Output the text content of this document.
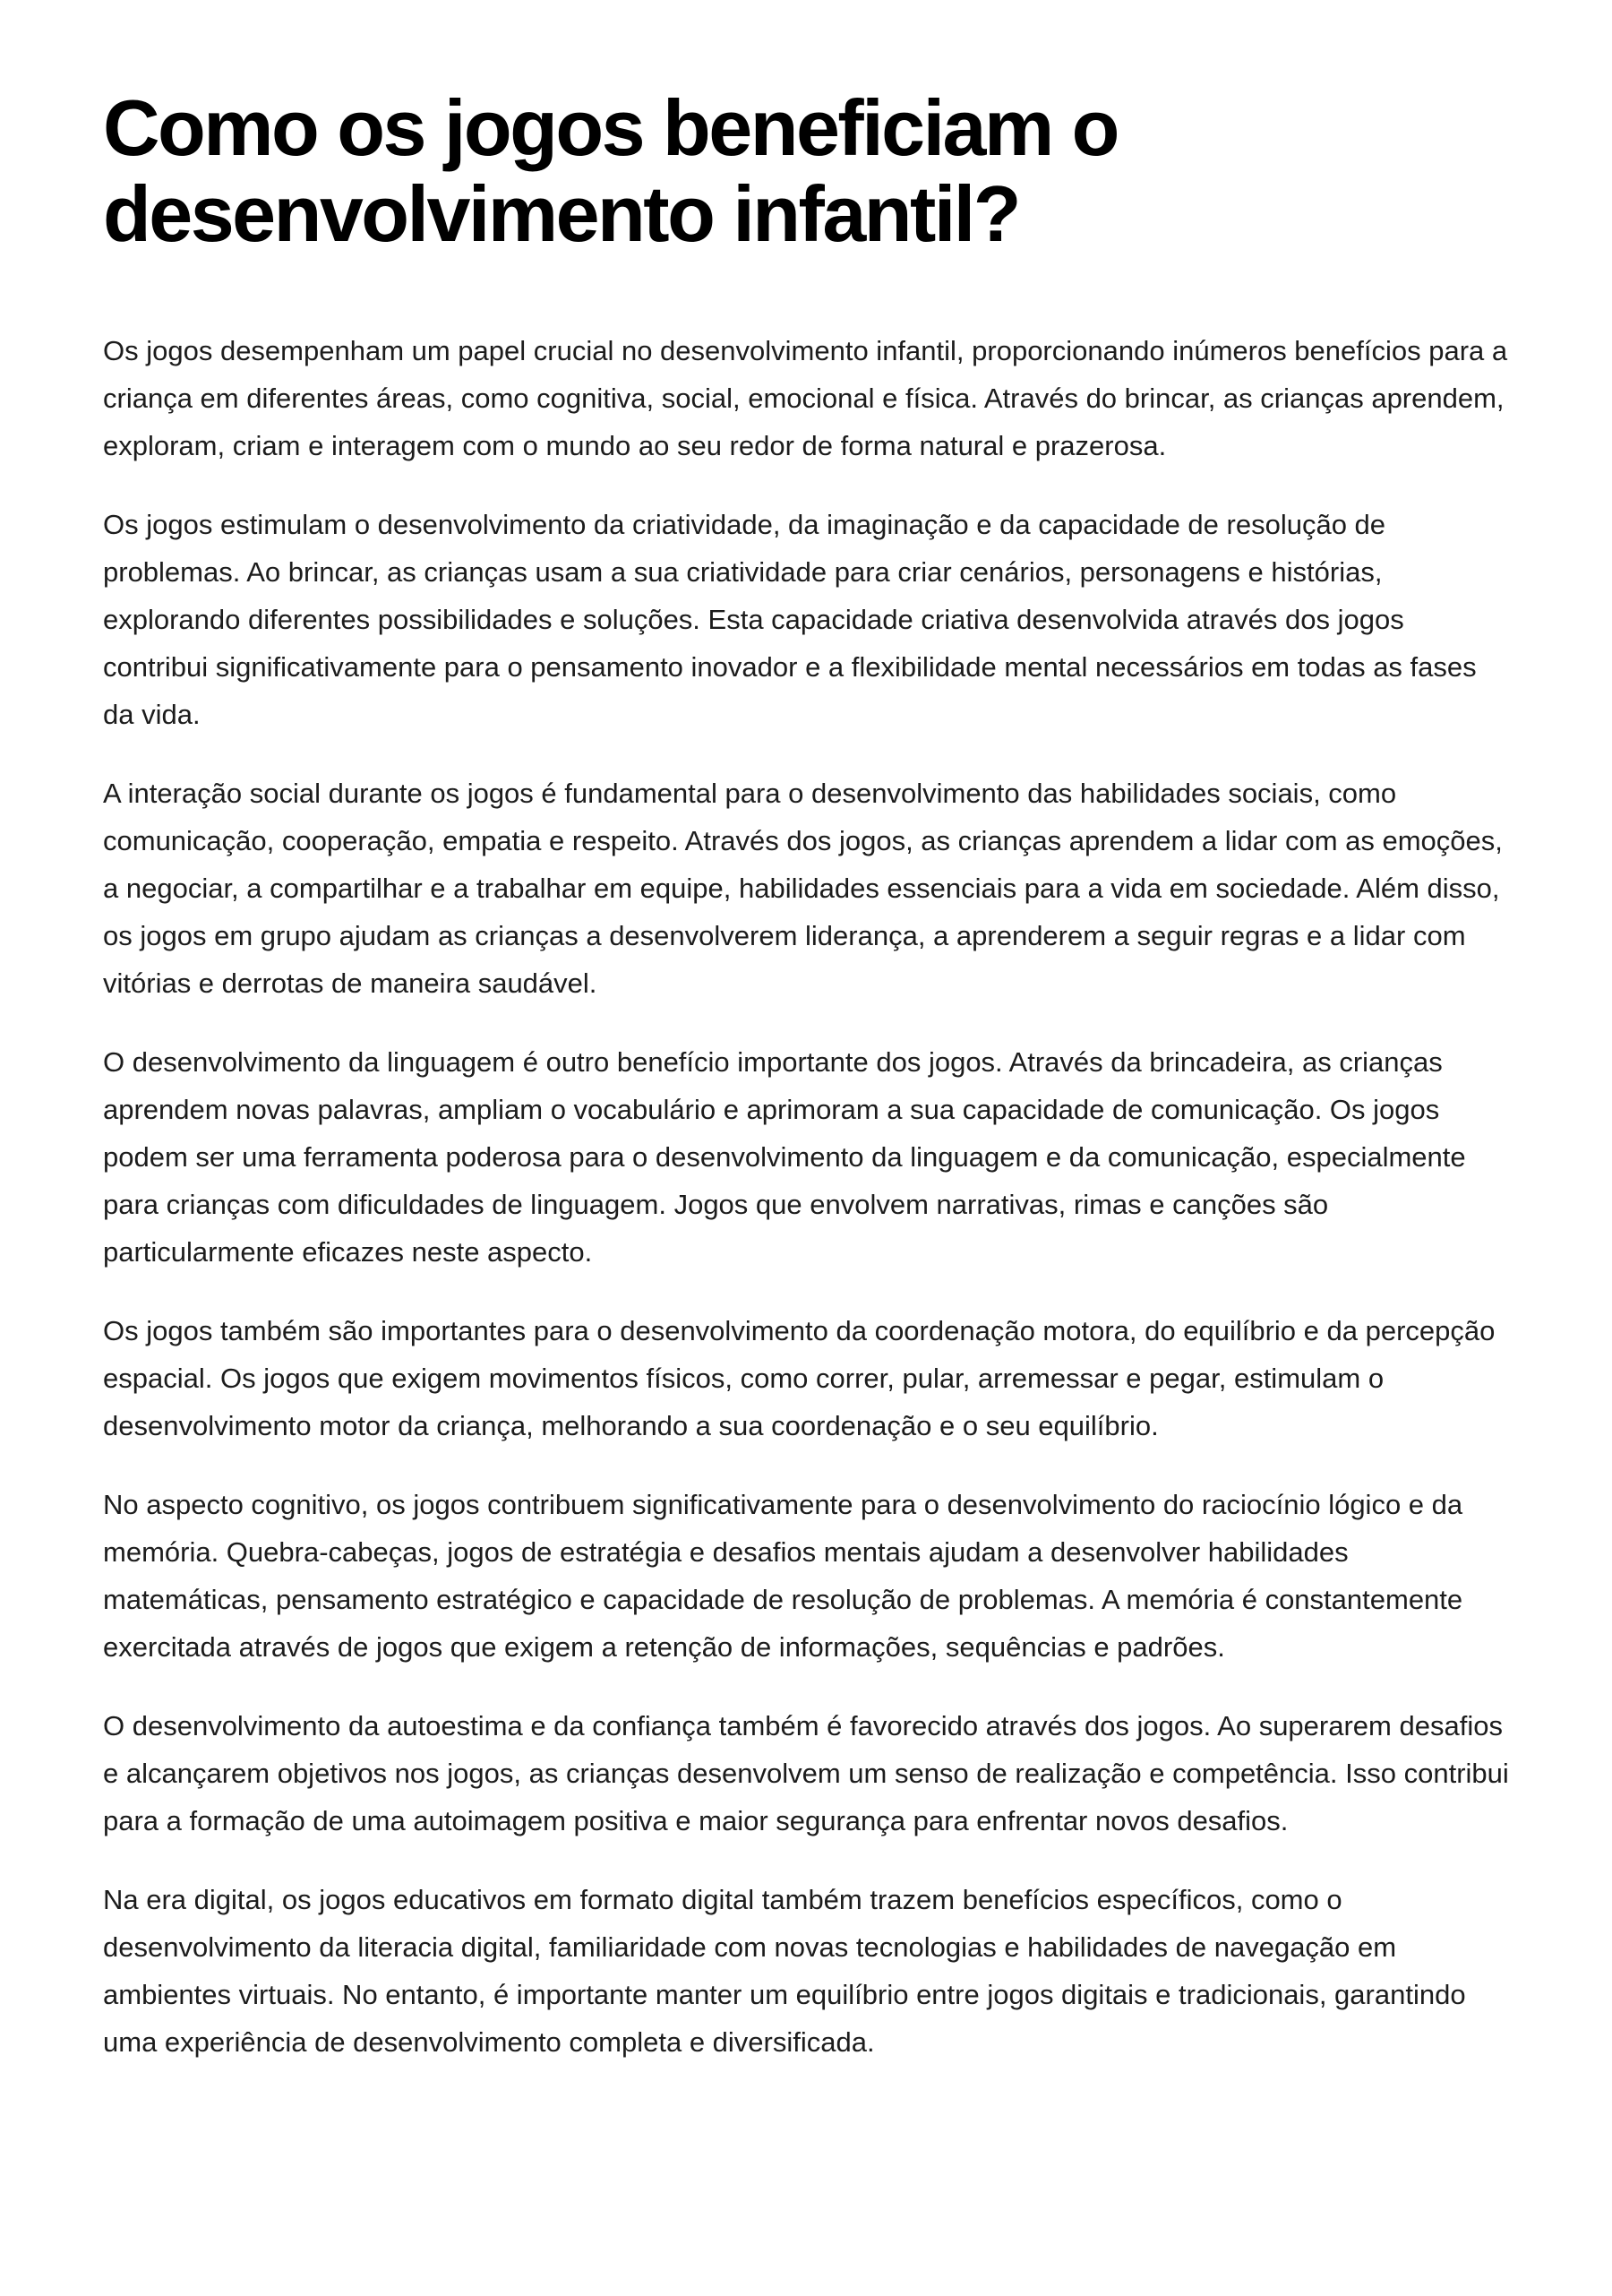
Como os jogos beneficiam o desenvolvimento infantil?

Os jogos desempenham um papel crucial no desenvolvimento infantil, proporcionando inúmeros benefícios para a criança em diferentes áreas, como cognitiva, social, emocional e física. Através do brincar, as crianças aprendem, exploram, criam e interagem com o mundo ao seu redor de forma natural e prazerosa.

Os jogos estimulam o desenvolvimento da criatividade, da imaginação e da capacidade de resolução de problemas. Ao brincar, as crianças usam a sua criatividade para criar cenários, personagens e histórias, explorando diferentes possibilidades e soluções. Esta capacidade criativa desenvolvida através dos jogos contribui significativamente para o pensamento inovador e a flexibilidade mental necessários em todas as fases da vida.

A interação social durante os jogos é fundamental para o desenvolvimento das habilidades sociais, como comunicação, cooperação, empatia e respeito. Através dos jogos, as crianças aprendem a lidar com as emoções, a negociar, a compartilhar e a trabalhar em equipe, habilidades essenciais para a vida em sociedade. Além disso, os jogos em grupo ajudam as crianças a desenvolverem liderança, a aprenderem a seguir regras e a lidar com vitórias e derrotas de maneira saudável.

O desenvolvimento da linguagem é outro benefício importante dos jogos. Através da brincadeira, as crianças aprendem novas palavras, ampliam o vocabulário e aprimoram a sua capacidade de comunicação. Os jogos podem ser uma ferramenta poderosa para o desenvolvimento da linguagem e da comunicação, especialmente para crianças com dificuldades de linguagem. Jogos que envolvem narrativas, rimas e canções são particularmente eficazes neste aspecto.

Os jogos também são importantes para o desenvolvimento da coordenação motora, do equilíbrio e da percepção espacial. Os jogos que exigem movimentos físicos, como correr, pular, arremessar e pegar, estimulam o desenvolvimento motor da criança, melhorando a sua coordenação e o seu equilíbrio.

No aspecto cognitivo, os jogos contribuem significativamente para o desenvolvimento do raciocínio lógico e da memória. Quebra-cabeças, jogos de estratégia e desafios mentais ajudam a desenvolver habilidades matemáticas, pensamento estratégico e capacidade de resolução de problemas. A memória é constantemente exercitada através de jogos que exigem a retenção de informações, sequências e padrões.

O desenvolvimento da autoestima e da confiança também é favorecido através dos jogos. Ao superarem desafios e alcançarem objetivos nos jogos, as crianças desenvolvem um senso de realização e competência. Isso contribui para a formação de uma autoimagem positiva e maior segurança para enfrentar novos desafios.

Na era digital, os jogos educativos em formato digital também trazem benefícios específicos, como o desenvolvimento da literacia digital, familiaridade com novas tecnologias e habilidades de navegação em ambientes virtuais. No entanto, é importante manter um equilíbrio entre jogos digitais e tradicionais, garantindo uma experiência de desenvolvimento completa e diversificada.
